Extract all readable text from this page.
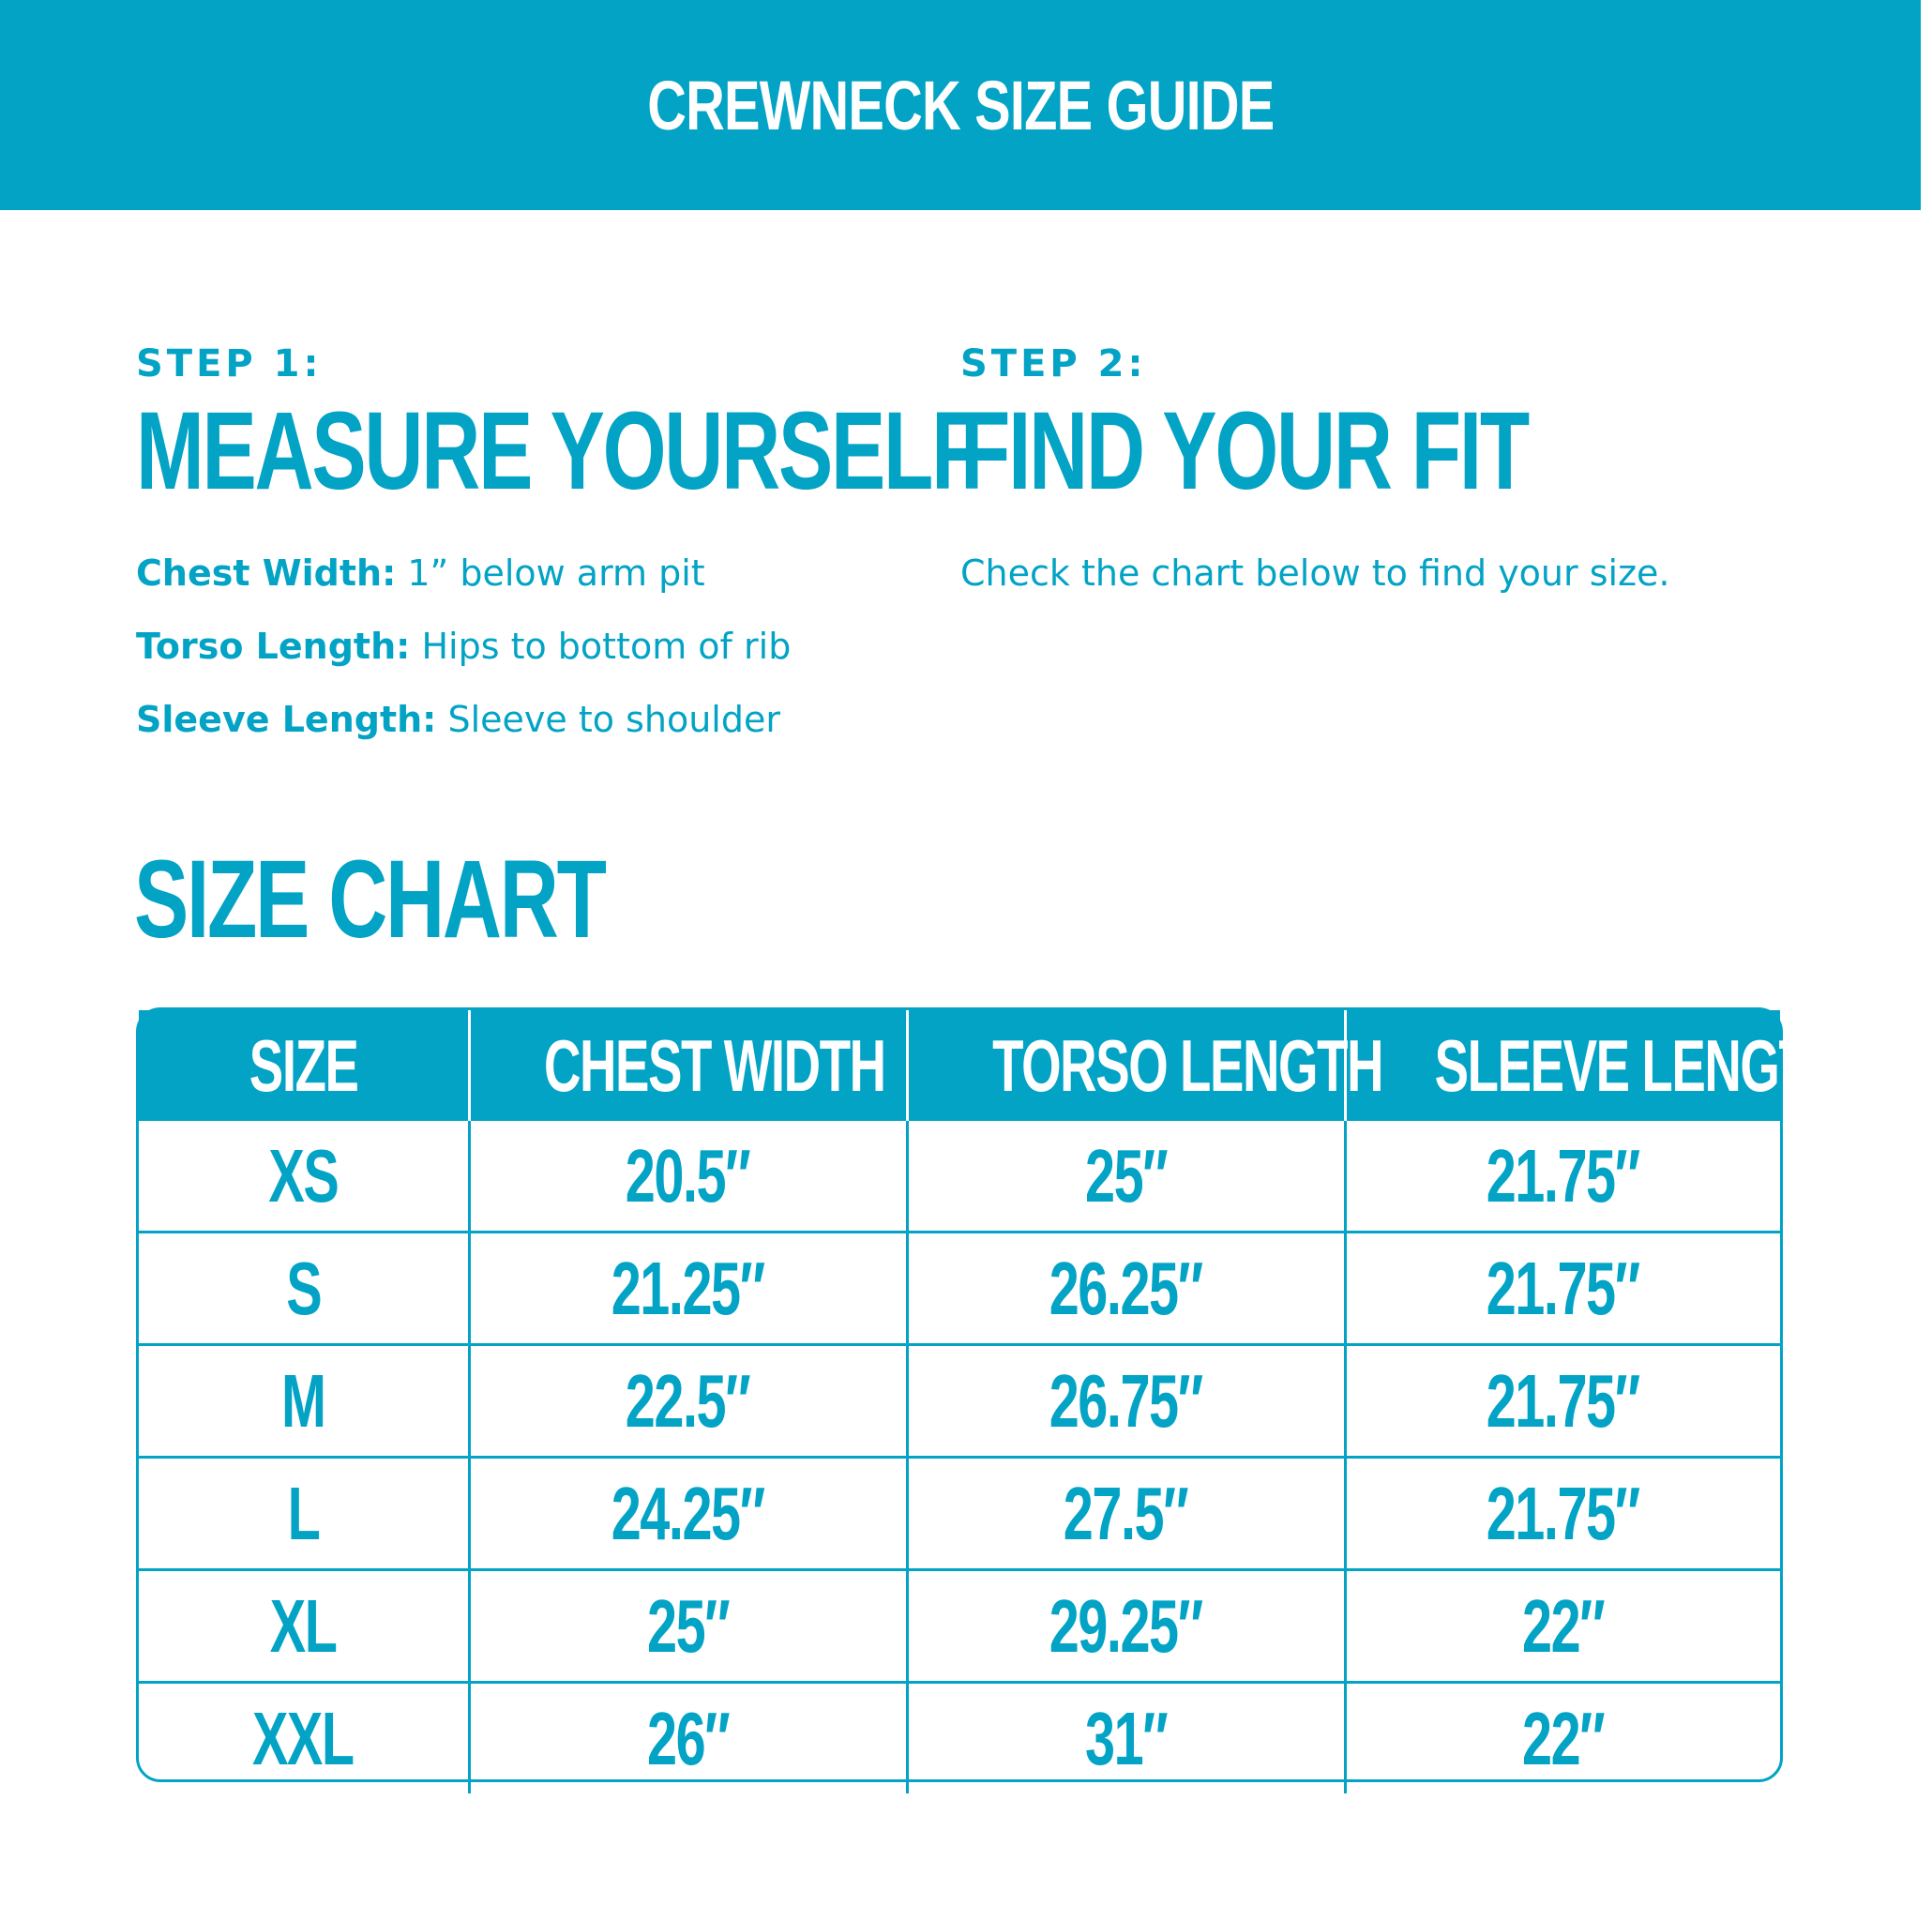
CREWNECK SIZE GUIDE
STEP 1:
MEASURE YOURSELF
Chest Width: 1” below arm pit
Torso Length: Hips to bottom of rib
Sleeve Length: Sleeve to shoulder
STEP 2:
FIND YOUR FIT
Check the chart below to find your size.
SIZE CHART
SIZE	CHEST WIDTH	TORSO LENGTH	SLEEVE LENGTH
XS	20.5″	25″	21.75″
S	21.25″	26.25″	21.75″
M	22.5″	26.75″	21.75″
L	24.25″	27.5″	21.75″
XL	25″	29.25″	22″
XXL	26″	31″	22″
